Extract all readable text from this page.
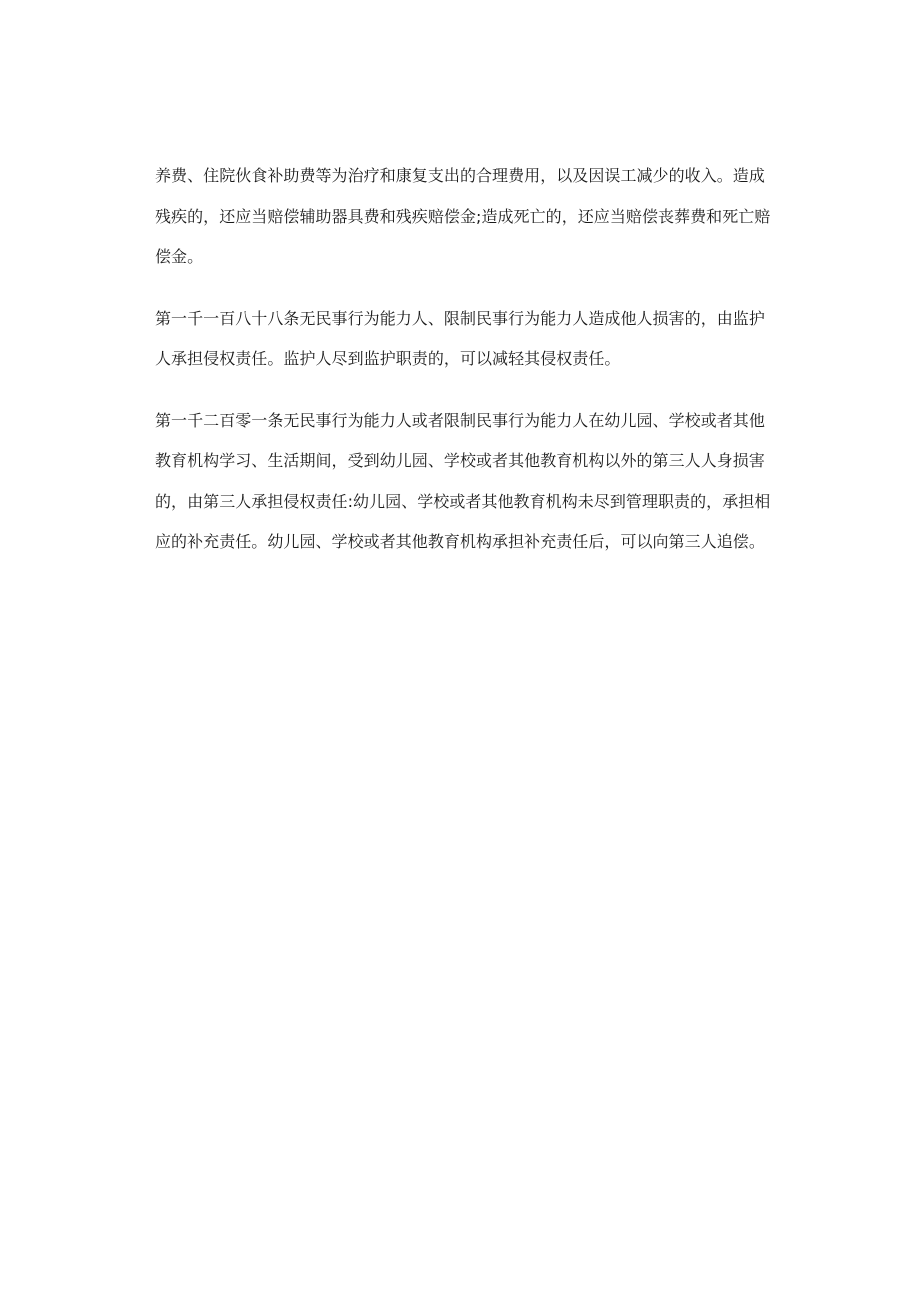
养费、住院伙食补助费等为治疗和康复支出的合理费用，以及因误工减少的收入。造成
残疾的，还应当赔偿辅助器具费和残疾赔偿金;造成死亡的，还应当赔偿丧葬费和死亡赔
偿金。

第一千一百八十八条无民事行为能力人、限制民事行为能力人造成他人损害的，由监护
人承担侵权责任。监护人尽到监护职责的，可以减轻其侵权责任。

第一千二百零一条无民事行为能力人或者限制民事行为能力人在幼儿园、学校或者其他
教育机构学习、生活期间，受到幼儿园、学校或者其他教育机构以外的第三人人身损害
的，由第三人承担侵权责任:幼儿园、学校或者其他教育机构未尽到管理职责的，承担相
应的补充责任。幼儿园、学校或者其他教育机构承担补充责任后，可以向第三人追偿。
